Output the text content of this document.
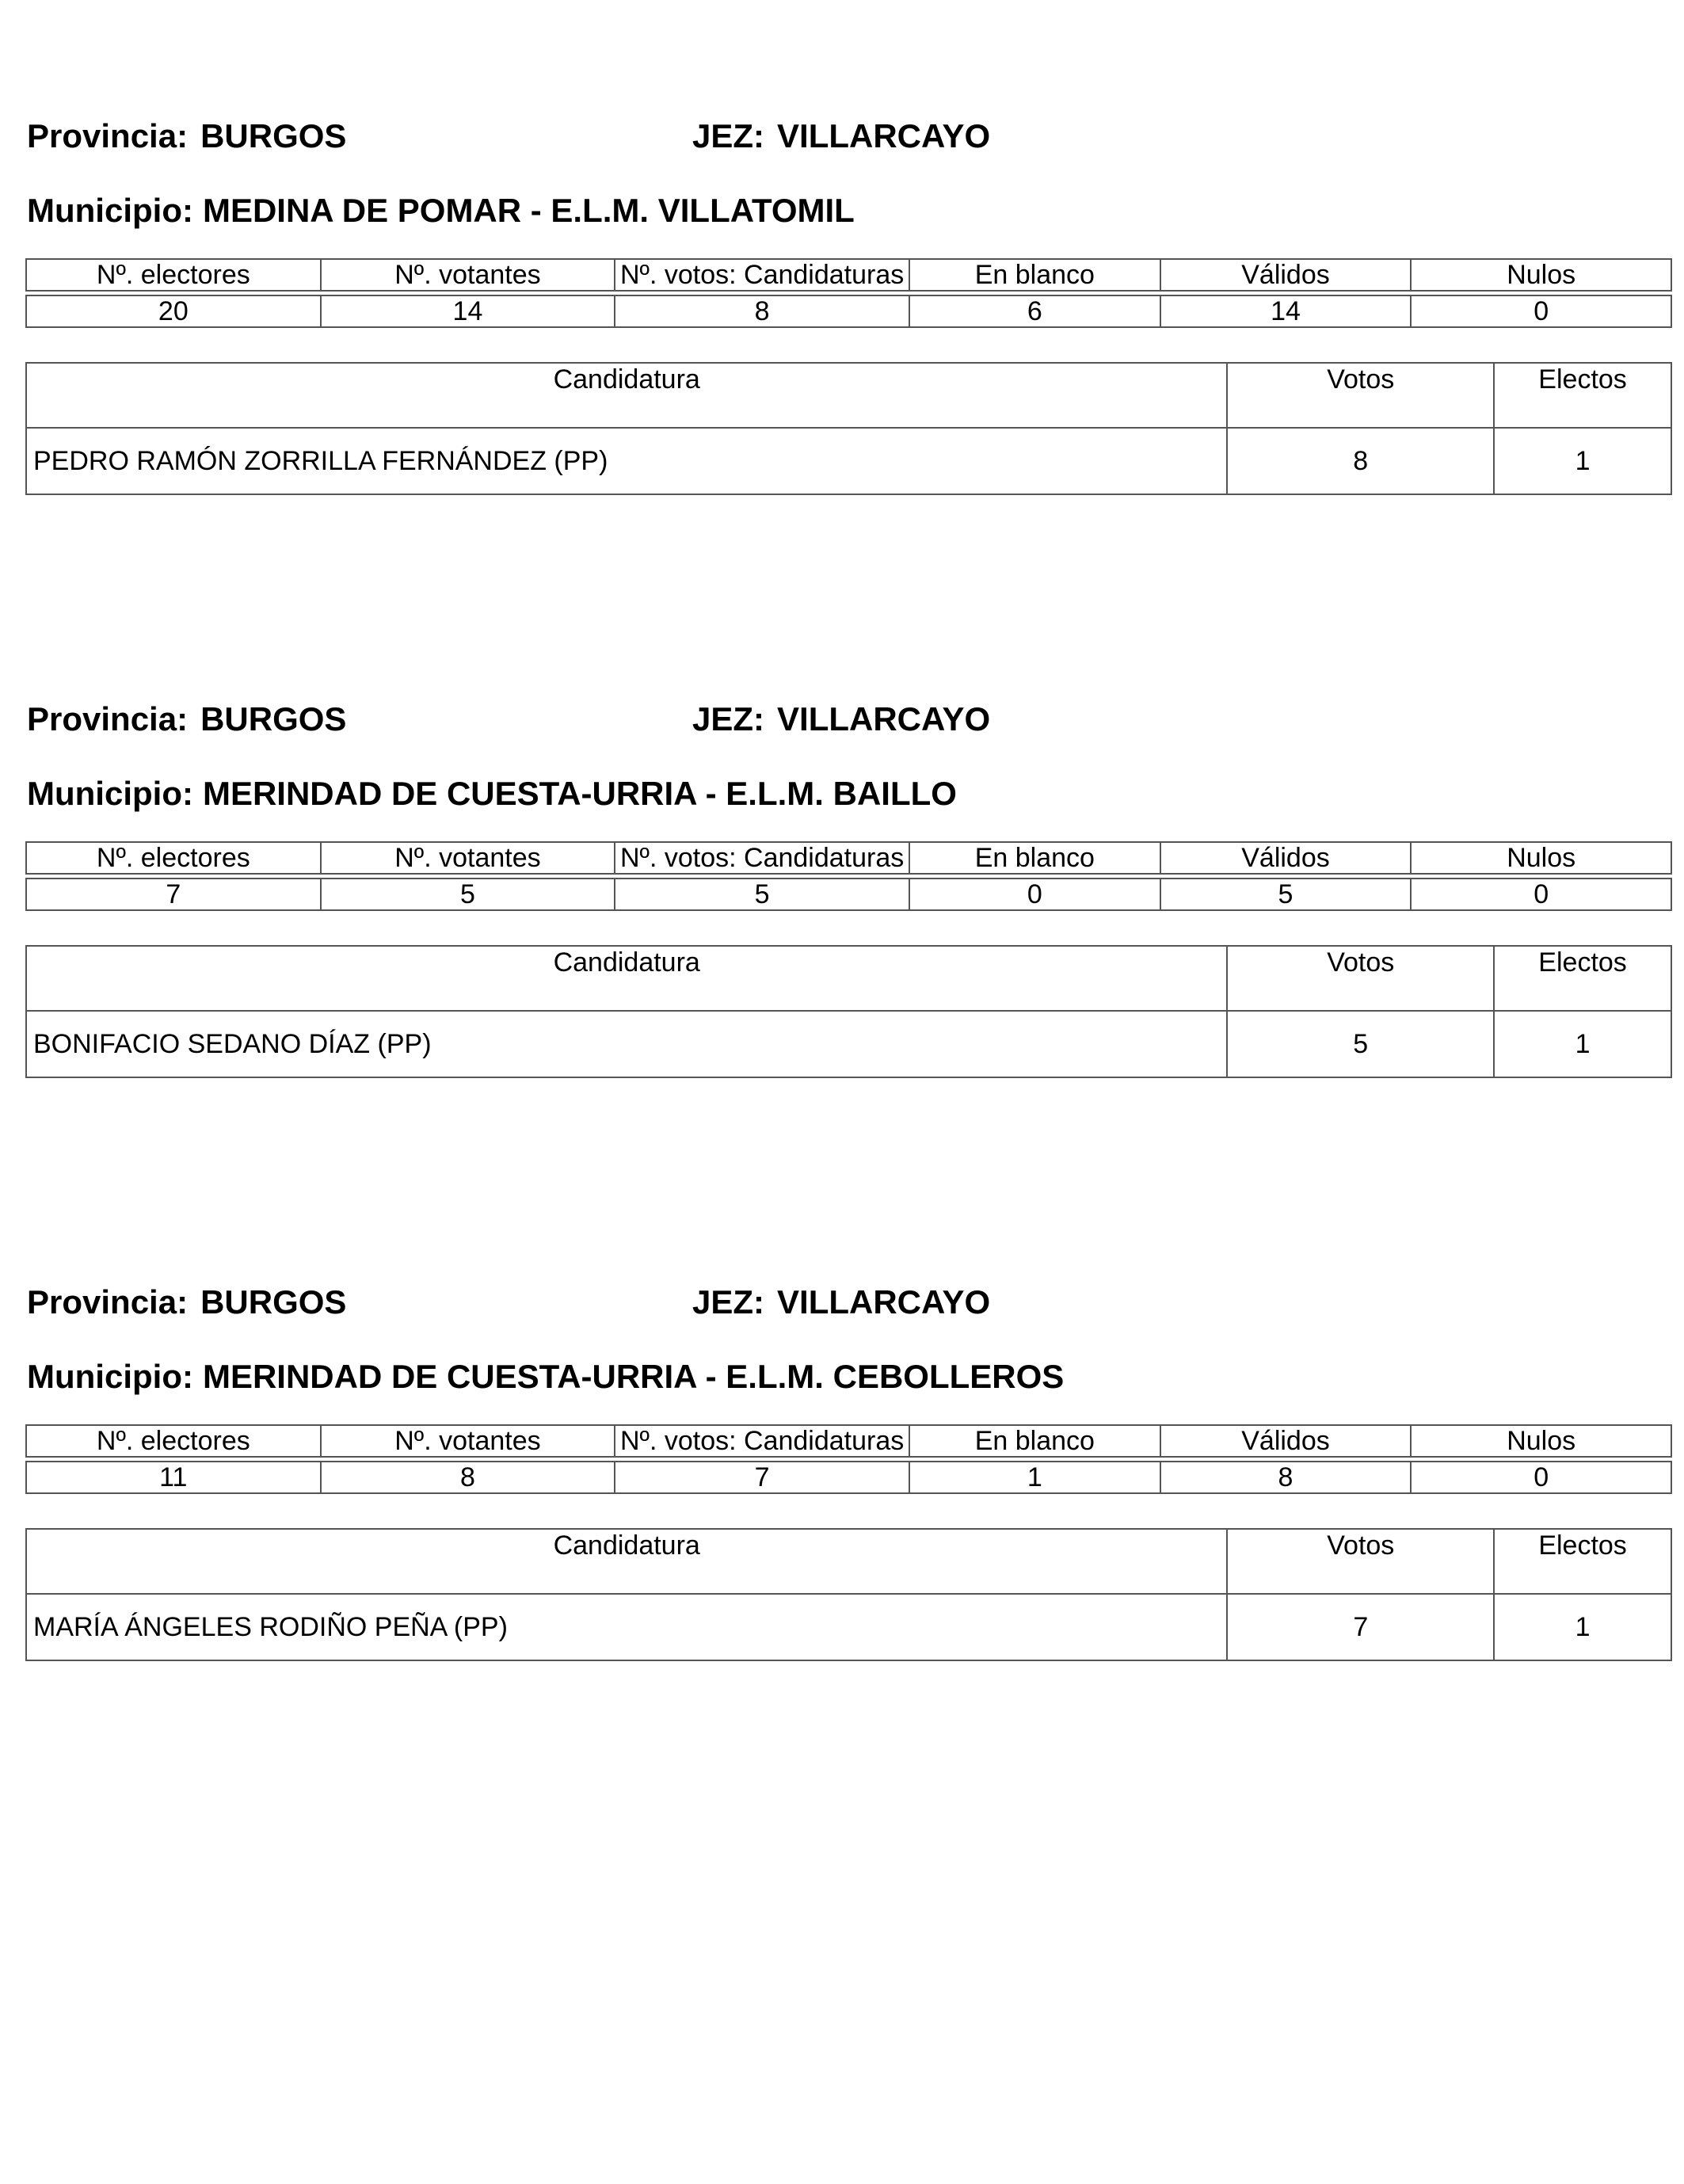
Provincia: BURGOS	JEZ: VILLARCAYO
Municipio: MEDINA DE POMAR - E.L.M. VILLATOMIL
Nº. electores	Nº. votantes	Nº. votos: Candidaturas	En blanco	Válidos	Nulos

20	14	8	6	14	0
Candidatura	Votos	Electos
PEDRO RAMÓN ZORRILLA FERNÁNDEZ (PP)	8	1
Provincia: BURGOS	JEZ: VILLARCAYO
Municipio: MERINDAD DE CUESTA-URRIA - E.L.M. BAILLO
Nº. electores	Nº. votantes	Nº. votos: Candidaturas	En blanco	Válidos	Nulos

7	5	5	0	5	0
Candidatura	Votos	Electos
BONIFACIO SEDANO DÍAZ (PP)	5	1
Provincia: BURGOS	JEZ: VILLARCAYO
Municipio: MERINDAD DE CUESTA-URRIA - E.L.M. CEBOLLEROS
Nº. electores	Nº. votantes	Nº. votos: Candidaturas	En blanco	Válidos	Nulos

11	8	7	1	8	0
Candidatura	Votos	Electos
MARÍA ÁNGELES RODIÑO PEÑA (PP)	7	1
